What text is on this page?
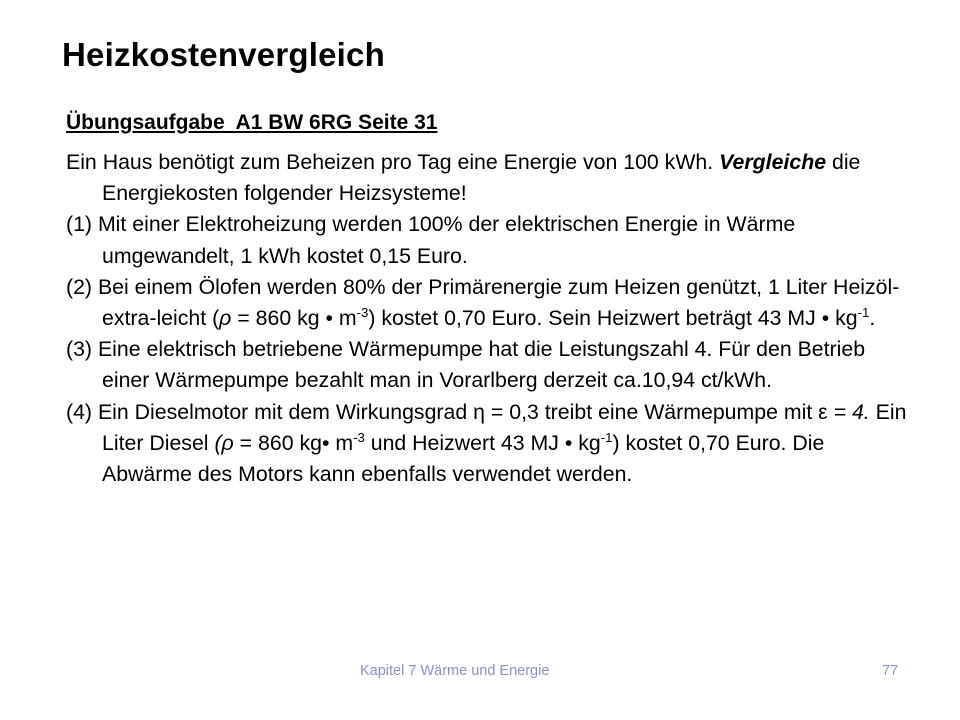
Heizkostenvergleich
Übungsaufgabe  A1 BW 6RG Seite 31
Ein Haus benötigt zum Beheizen pro Tag eine Energie von 100 kWh. Vergleiche die Energiekosten folgender Heizsysteme!
(1) Mit einer Elektroheizung werden 100% der elektrischen Energie in Wärme umgewandelt, 1 kWh kostet 0,15 Euro.
(2) Bei einem Ölofen werden 80% der Primärenergie zum Heizen genützt, 1 Liter Heizöl-extra-leicht (ρ = 860 kg • $m^{-3}$) kostet 0,70 Euro. Sein Heizwert beträgt 43 MJ • $kg^{-1}$.
(3) Eine elektrisch betriebene Wärmepumpe hat die Leistungszahl 4. Für den Betrieb einer Wärmepumpe bezahlt man in Vorarlberg derzeit ca.10,94 ct/kWh.
(4) Ein Dieselmotor mit dem Wirkungsgrad η = 0,3 treibt eine Wärmepumpe mit ε = 4. Ein Liter Diesel (ρ = 860 kg• $m^{-3}$ und Heizwert 43 MJ • $kg^{-1}$) kostet 0,70 Euro. Die Abwärme des Motors kann ebenfalls verwendet werden.
Kapitel 7 Wärme und Energie	77
